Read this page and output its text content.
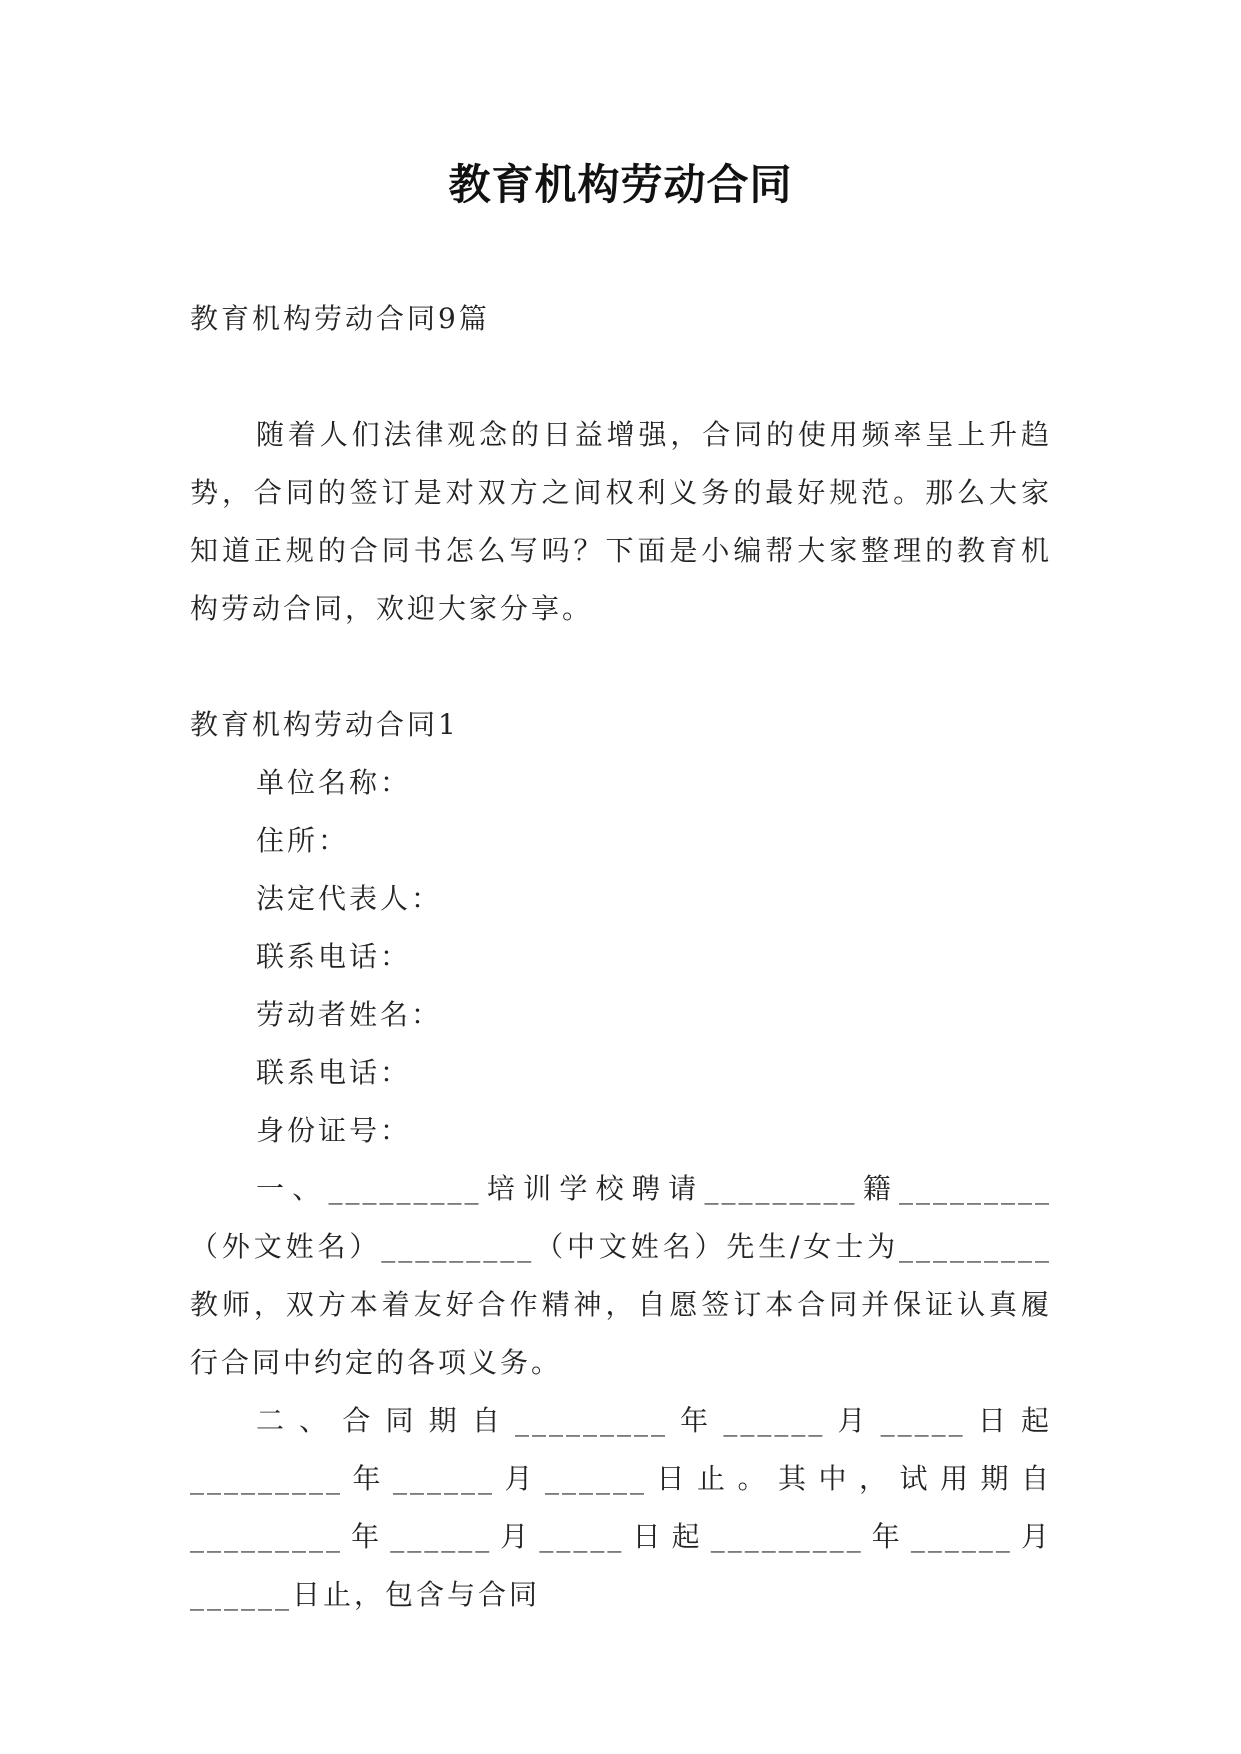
教育机构劳动合同
教育机构劳动合同9篇

随着人们法律观念的日益增强，合同的使用频率呈上升趋势，合同的签订是对双方之间权利义务的最好规范。那么大家知道正规的合同书怎么写吗？下面是小编帮大家整理的教育机构劳动合同，欢迎大家分享。

教育机构劳动合同1
单位名称：
住所：
法定代表人：
联系电话：
劳动者姓名：
联系电话：
身份证号：

一、_________培训学校聘请_________籍_________（外文姓名）_________（中文姓名）先生/女士为_________教师，双方本着友好合作精神，自愿签订本合同并保证认真履行合同中约定的各项义务。

二、合同期自_________年______月_____日起_________年______月______日止。其中，试用期自_________年______月_____日起_________年______月______日止，包含与合同
